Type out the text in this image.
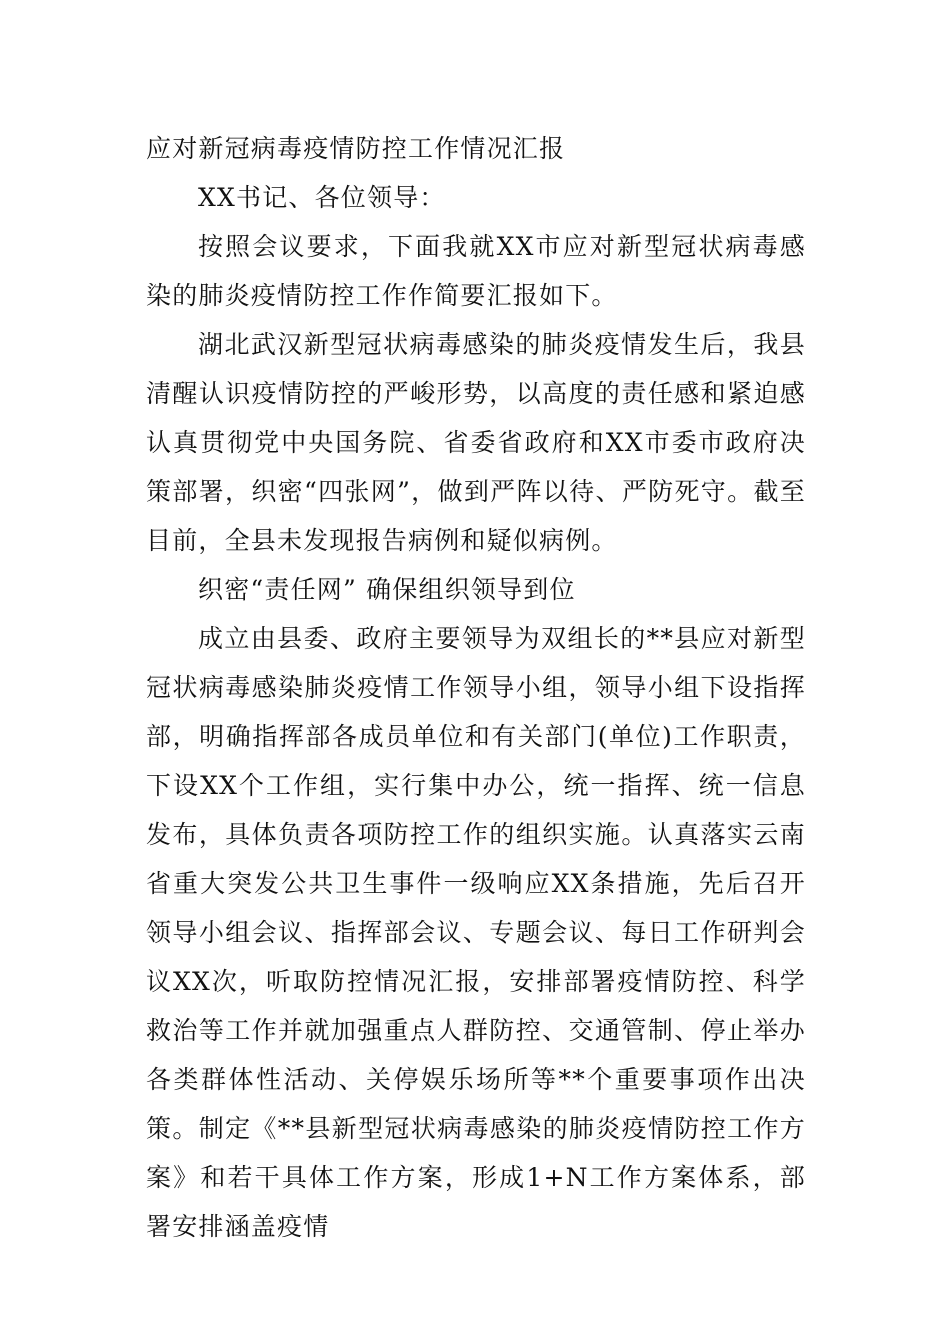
应对新冠病毒疫情防控工作情况汇报

XX书记、各位领导：

按照会议要求，下面我就XX市应对新型冠状病毒感染的肺炎疫情防控工作作简要汇报如下。

湖北武汉新型冠状病毒感染的肺炎疫情发生后，我县清醒认识疫情防控的严峻形势，以高度的责任感和紧迫感认真贯彻党中央国务院、省委省政府和XX市委市政府决策部署，织密“四张网”，做到严阵以待、严防死守。截至目前，全县未发现报告病例和疑似病例。

织密“责任网” 确保组织领导到位

成立由县委、政府主要领导为双组长的**县应对新型冠状病毒感染肺炎疫情工作领导小组，领导小组下设指挥部，明确指挥部各成员单位和有关部门(单位)工作职责，下设XX个工作组，实行集中办公，统一指挥、统一信息发布，具体负责各项防控工作的组织实施。认真落实云南省重大突发公共卫生事件一级响应XX条措施，先后召开领导小组会议、指挥部会议、专题会议、每日工作研判会议XX次，听取防控情况汇报，安排部署疫情防控、科学救治等工作并就加强重点人群防控、交通管制、停止举办各类群体性活动、关停娱乐场所等**个重要事项作出决策。制定《**县新型冠状病毒感染的肺炎疫情防控工作方案》和若干具体工作方案，形成1+N工作方案体系，部署安排涵盖疫情
